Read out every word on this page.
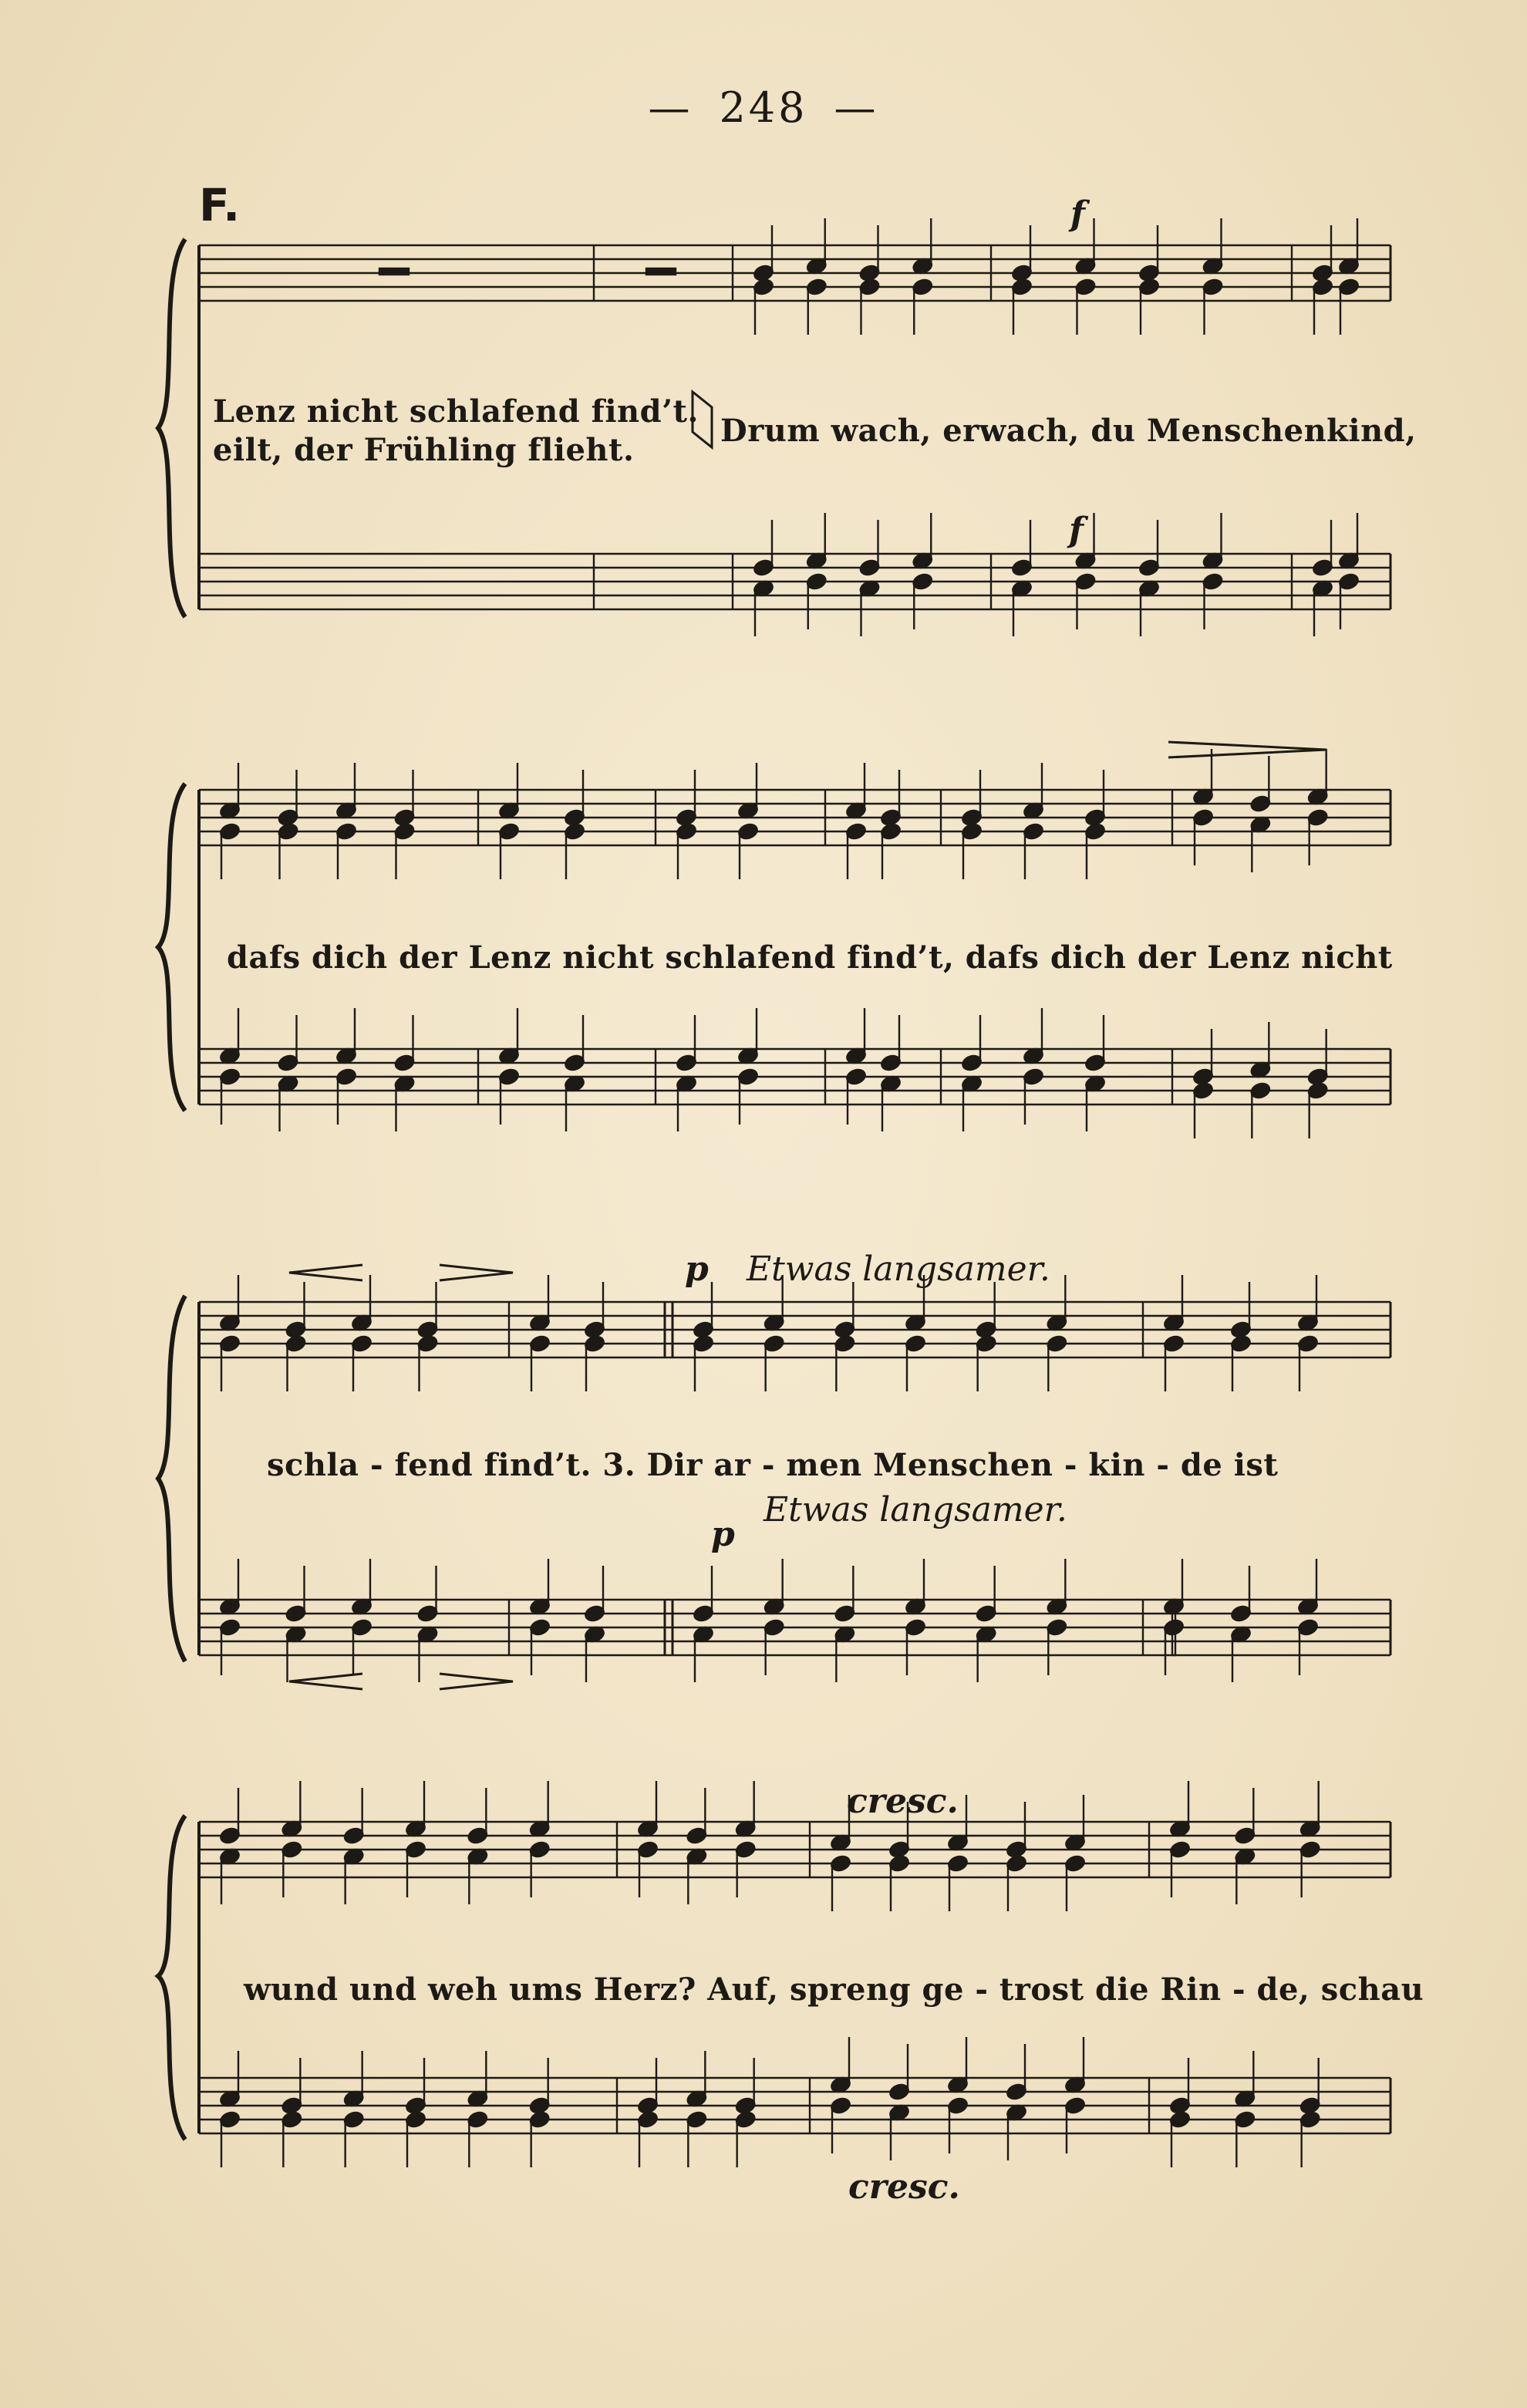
— 248 —
F.
Lenz nicht schlafend find’t.
eilt, der Frühling flieht.
Drum wach, erwach, du Menschenkind,
dafs dich der Lenz nicht schlafend find’t, dafs dich der Lenz nicht
schla - fend find’t. 3. Dir ar - men Menschen - kin - de ist
wund und weh ums Herz? Auf, spreng ge - trost die Rin - de, schau
f
f
p Etwas langsamer.
p
Etwas langsamer.
cresc.
cresc.
